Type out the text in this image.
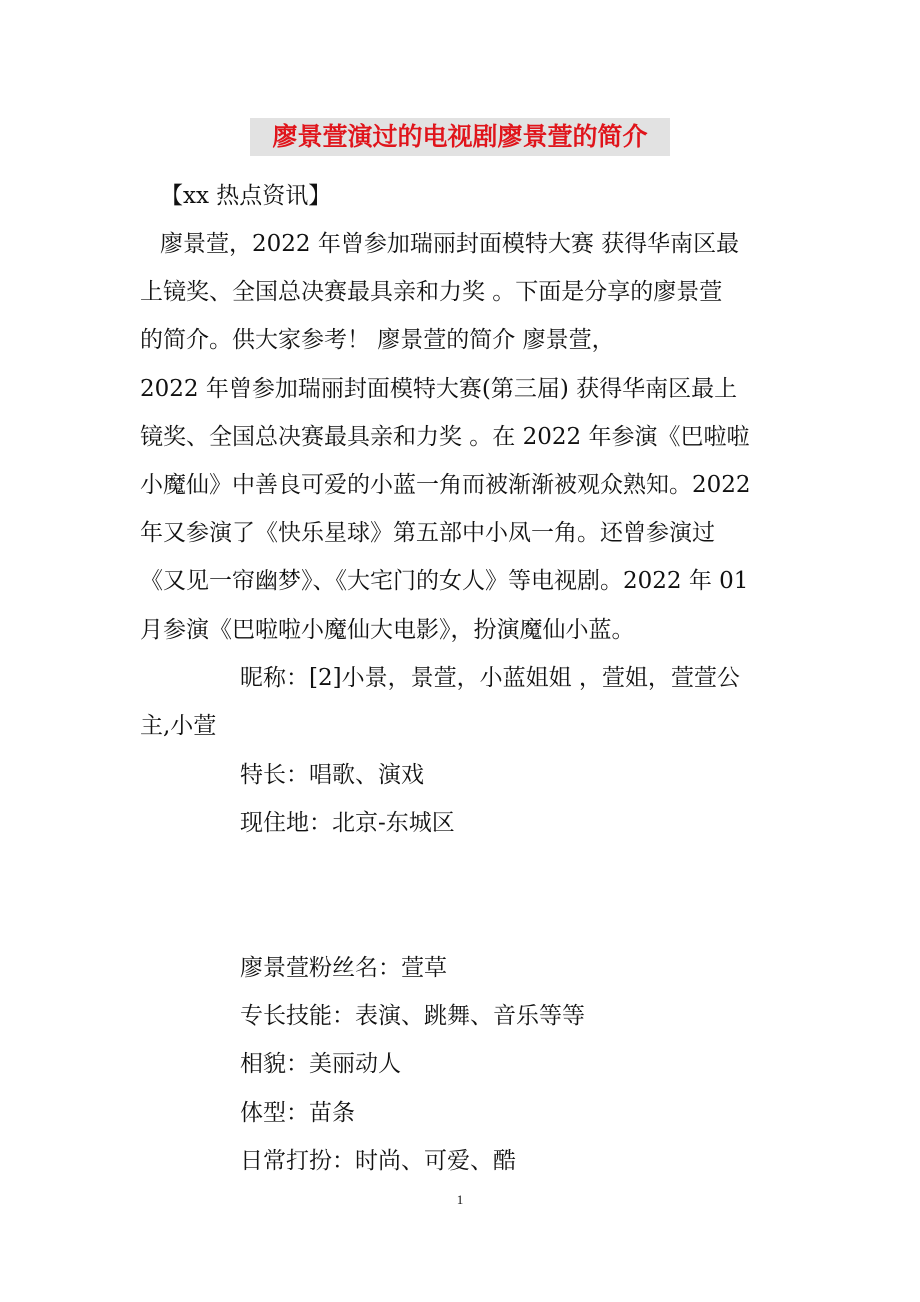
廖景萱演过的电视剧廖景萱的简介
【xx 热点资讯】
廖景萱，2022 年曾参加瑞丽封面模特大赛 获得华南区最
上镜奖、全国总决赛最具亲和力奖 。下面是分享的廖景萱
的简介。供大家参考！ 廖景萱的简介 廖景萱，
2022 年曾参加瑞丽封面模特大赛(第三届) 获得华南区最上
镜奖、全国总决赛最具亲和力奖 。在 2022 年参演《巴啦啦
小魔仙》中善良可爱的小蓝一角而被渐渐被观众熟知。2022
年又参演了《快乐星球》第五部中小凤一角。还曾参演过
《又见一帘幽梦》、《大宅门的女人》等电视剧。2022 年 01
月参演《巴啦啦小魔仙大电影》，扮演魔仙小蓝。
昵称：[2]小景，景萱，小蓝姐姐 ，萱姐，萱萱公
主,小萱
特长：唱歌、演戏
现住地：北京-东城区
廖景萱粉丝名：萱草
专长技能：表演、跳舞、音乐等等
相貌：美丽动人
体型：苗条
日常打扮：时尚、可爱、酷
1
